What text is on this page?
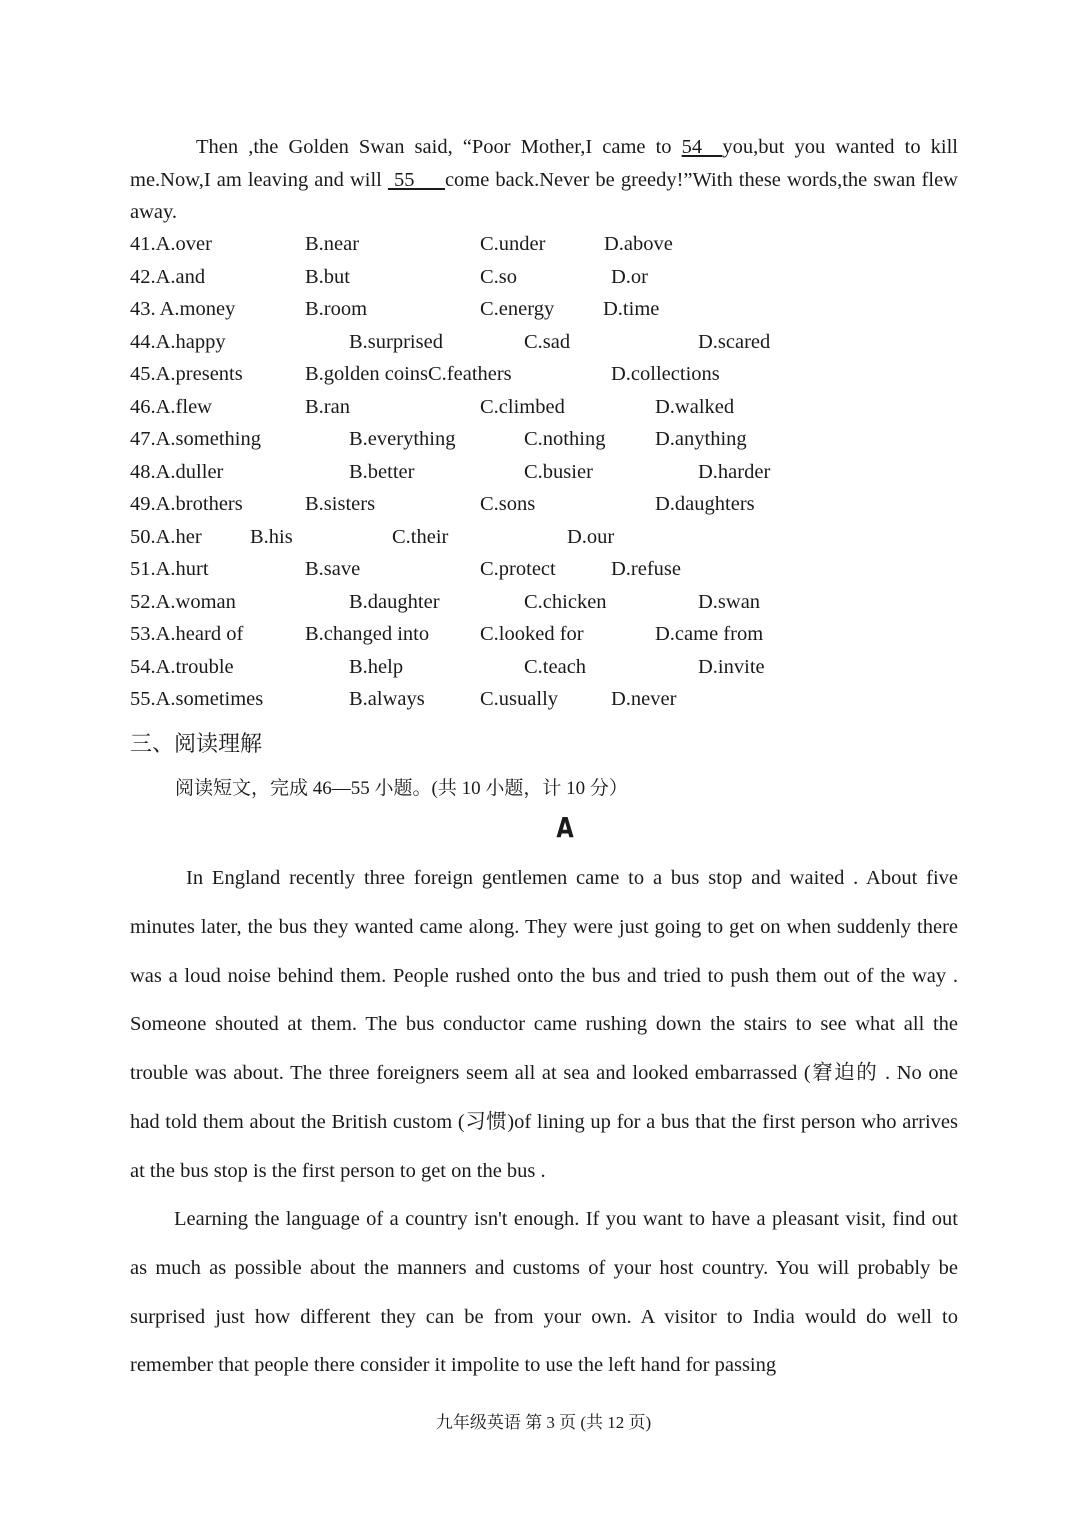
Then ,the Golden Swan said, “Poor Mother,I came to 54  you,but you wanted to kill me.Now,I am leaving and will  55     come back.Never be greedy!”With these words,the swan flew away.

41.A.over	B.near	C.under	D.above
42.A.and	B.but	C.so	D.or
43. A.money	B.room	C.energy D.time
44.A.happy	B.surprised	C.sad	D.scared
45.A.presents	B.golden coinsC.feathers	D.collections
46.A.flew	B.ran	C.climbed	D.walked
47.A.something	B.everything	C.nothing D.anything
48.A.duller	B.better	C.busier	D.harder
49.A.brothers	B.sisters	C.sons	D.daughters
50.A.her B.his	C.their	D.our
51.A.hurt	B.save	C.protect	D.refuse
52.A.woman	B.daughter	C.chicken	D.swan
53.A.heard of	B.changed into C.looked for	D.came from
54.A.trouble	B.help	C.teach	D.invite
55.A.sometimes	B.always	C.usually	D.never
三、阅读理解

阅读短文，完成 46—55 小题。(共 10 小题，计 10 分）

A

In England recently three foreign gentlemen came to a bus stop and waited . About five minutes later, the bus they wanted came along. They were just going to get on when suddenly there was a loud noise behind them. People rushed onto the bus and tried to push them out of the way . Someone shouted at them. The bus conductor came rushing down the stairs to see what all the trouble was about. The three foreigners seem all at sea and looked embarrassed (窘迫的 . No one had told them about the British custom (习惯)of lining up for a bus that the first person who arrives at the bus stop is the first person to get on the bus .

Learning the language of a country isn't enough. If you want to have a pleasant visit, find out as much as possible about the manners and customs of your host country. You will probably be surprised just how different they can be from your own. A visitor to India would do well to remember that people there consider it impolite to use the left hand for passing

九年级英语 第 3 页 (共 12 页)
